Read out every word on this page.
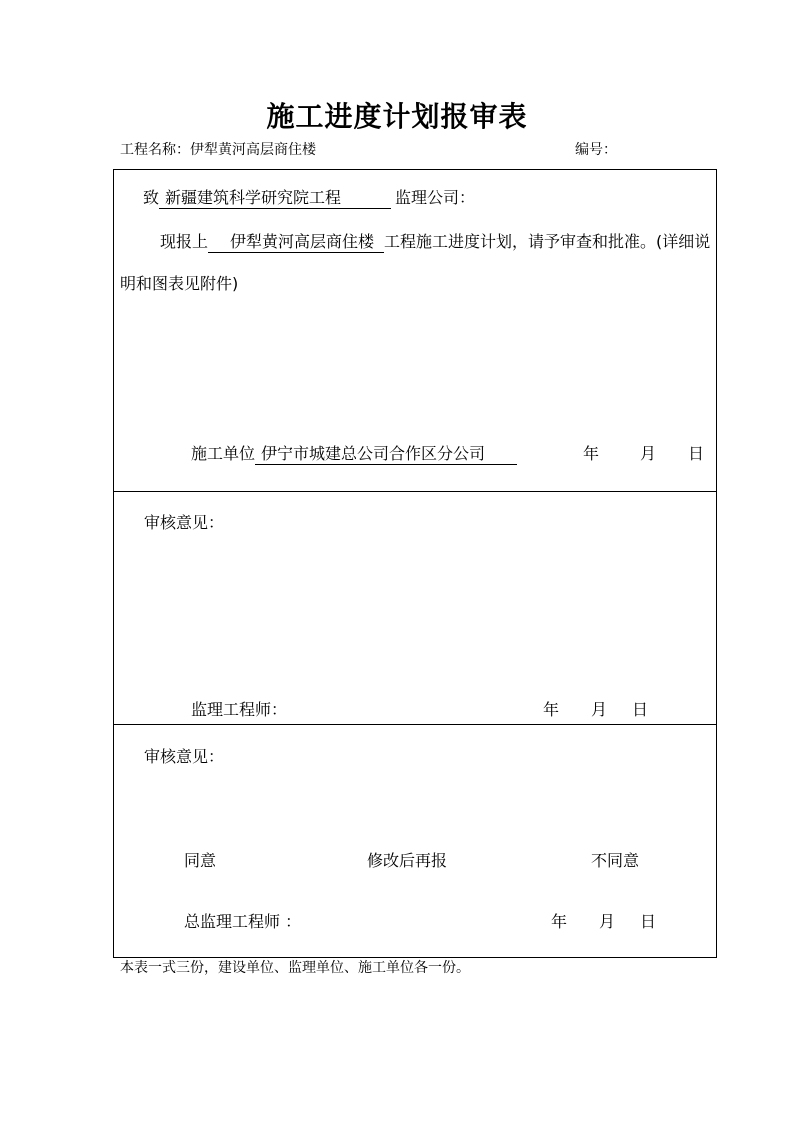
施工进度计划报审表
工程名称：伊犁黄河高层商住楼	编号：
致 新疆建筑科学研究院工程	监理公司：
现报上 伊犁黄河高层商住楼 工程施工进度计划，请予审查和批准。(详细说
明和图表见附件)
施工单位 伊宁市城建总公司合作区分公司	年	月 日
审核意见：
监理工程师：	年 月 日
审核意见：
同意	修改后再报	不同意
总监理工程师 ：	年 月 日
本表一式三份，建设单位、监理单位、施工单位各一份。
